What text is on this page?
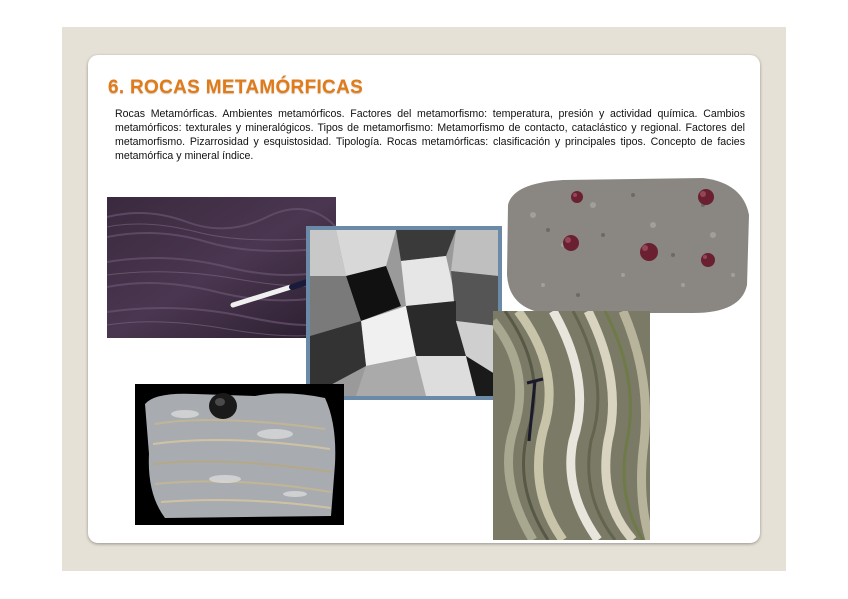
6. ROCAS METAMÓRFICAS
Rocas Metamórficas. Ambientes metamórficos. Factores del metamorfismo: temperatura, presión y actividad química. Cambios metamórficos: texturales y mineralógicos. Tipos de metamorfismo: Metamorfismo de contacto, cataclástico y regional. Factores del metamorfismo. Pizarrosidad y esquistosidad. Tipología. Rocas metamórficas: clasificación y principales tipos. Concepto de facies metamórfica y mineral índice.
